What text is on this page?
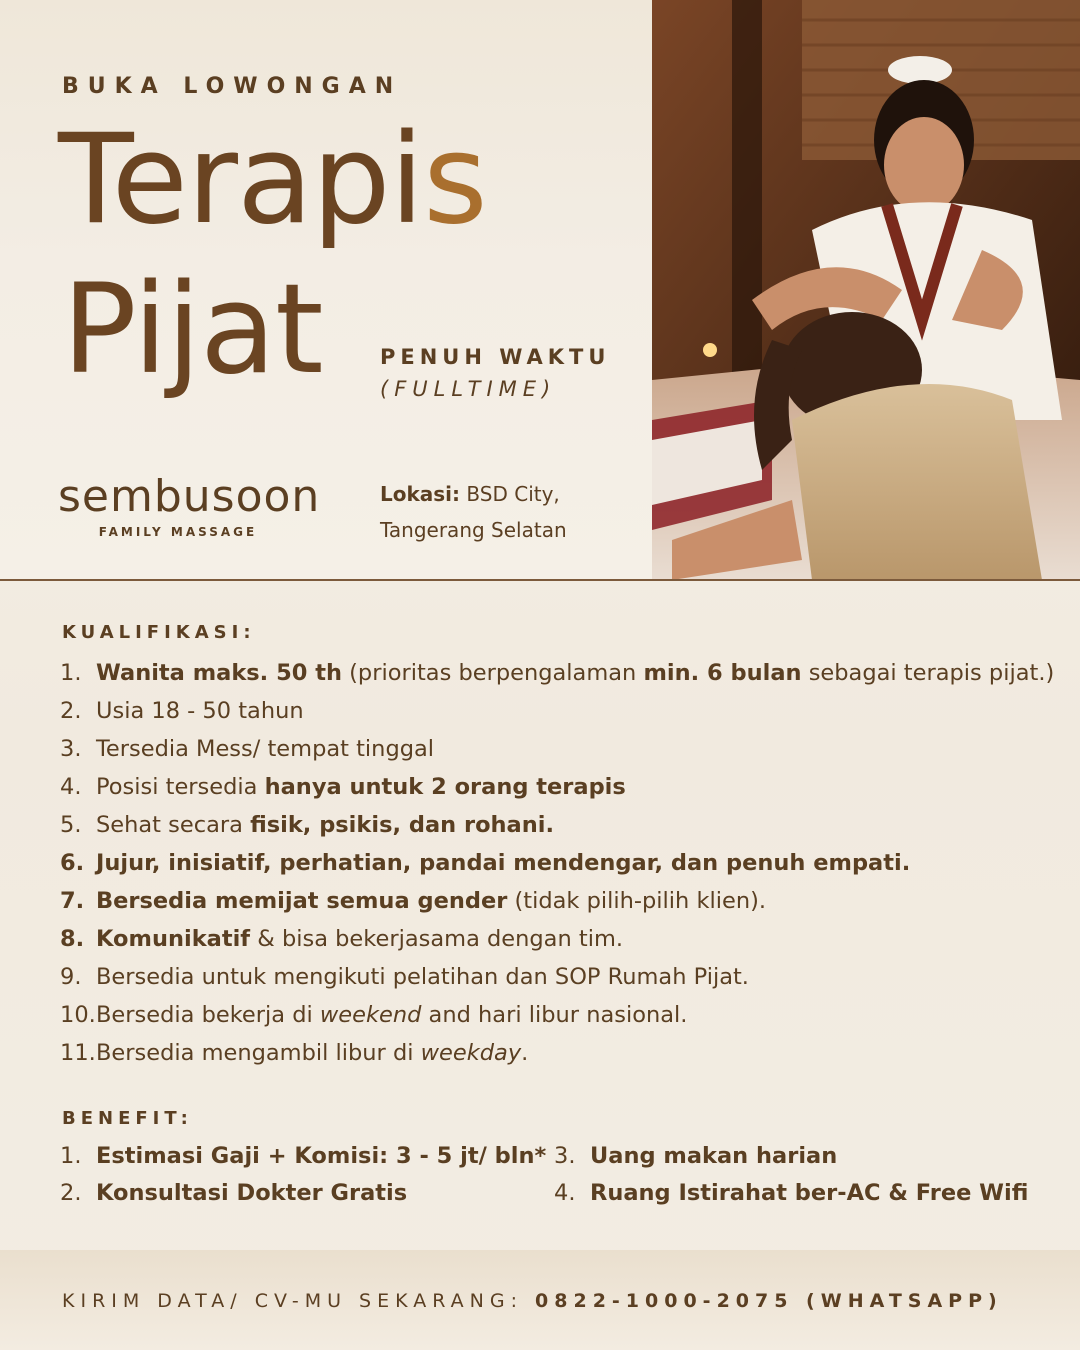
BUKA LOWONGAN
Terapis
Pijat	PENUH WAKTU
(FULLTIME)
sembusoon
FAMILY MASSAGE
Lokasi: BSD City,
Tangerang Selatan
KUALIFIKASI:
1. Wanita maks. 50 th (prioritas berpengalaman min. 6 bulan sebagai terapis pijat.)
2. Usia 18 - 50 tahun
3. Tersedia Mess/ tempat tinggal
4. Posisi tersedia hanya untuk 2 orang terapis
5. Sehat secara fisik, psikis, dan rohani.
6. Jujur, inisiatif, perhatian, pandai mendengar, dan penuh empati.
7. Bersedia memijat semua gender (tidak pilih-pilih klien).
8. Komunikatif & bisa bekerjasama dengan tim.
9. Bersedia untuk mengikuti pelatihan dan SOP Rumah Pijat.
10.Bersedia bekerja di weekend and hari libur nasional.
11.Bersedia mengambil libur di weekday.
BENEFIT:
1. Estimasi Gaji + Komisi: 3 - 5 jt/ bln*
2. Konsultasi Dokter Gratis
3. Uang makan harian
4. Ruang Istirahat ber-AC & Free Wifi
KIRIM DATA/ CV-MU SEKARANG: 0822-1000-2075 (WHATSAPP)
